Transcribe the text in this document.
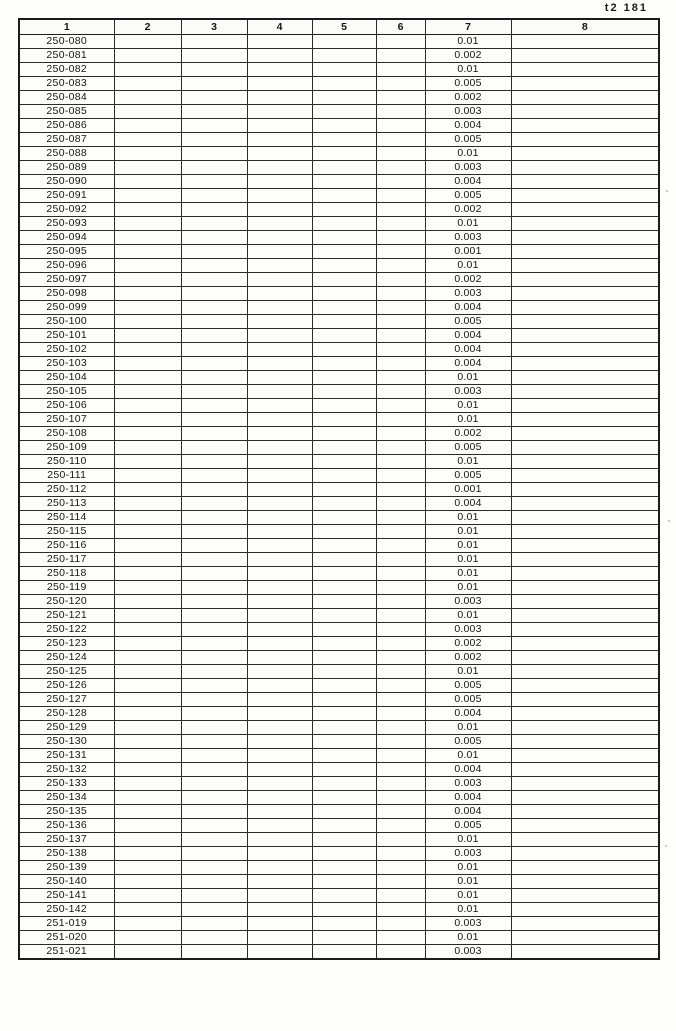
t2 181
1	2	3	4	5	6	7	8
250-080						0.01	
250-081						0.002	
250-082						0.01	
250-083						0.005	
250-084						0.002	
250-085						0.003	
250-086						0.004	
250-087						0.005	
250-088						0.01	
250-089						0.003	
250-090						0.004	
250-091						0.005	
250-092						0.002	
250-093						0.01	
250-094						0.003	
250-095						0.001	
250-096						0.01	
250-097						0.002	
250-098						0.003	
250-099						0.004	
250-100						0.005	
250-101						0.004	
250-102						0.004	
250-103						0.004	
250-104						0.01	
250-105						0.003	
250-106						0.01	
250-107						0.01	
250-108						0.002	
250-109						0.005	
250-110						0.01	
250-111						0.005	
250-112						0.001	
250-113						0.004	
250-114						0.01	
250-115						0.01	
250-116						0.01	
250-117						0.01	
250-118						0.01	
250-119						0.01	
250-120						0.003	
250-121						0.01	
250-122						0.003	
250-123						0.002	
250-124						0.002	
250-125						0.01	
250-126						0.005	
250-127						0.005	
250-128						0.004	
250-129						0.01	
250-130						0.005	
250-131						0.01	
250-132						0.004	
250-133						0.003	
250-134						0.004	
250-135						0.004	
250-136						0.005	
250-137						0.01	
250-138						0.003	
250-139						0.01	
250-140						0.01	
250-141						0.01	
250-142						0.01	
251-019						0.003	
251-020						0.01	
251-021						0.003	
